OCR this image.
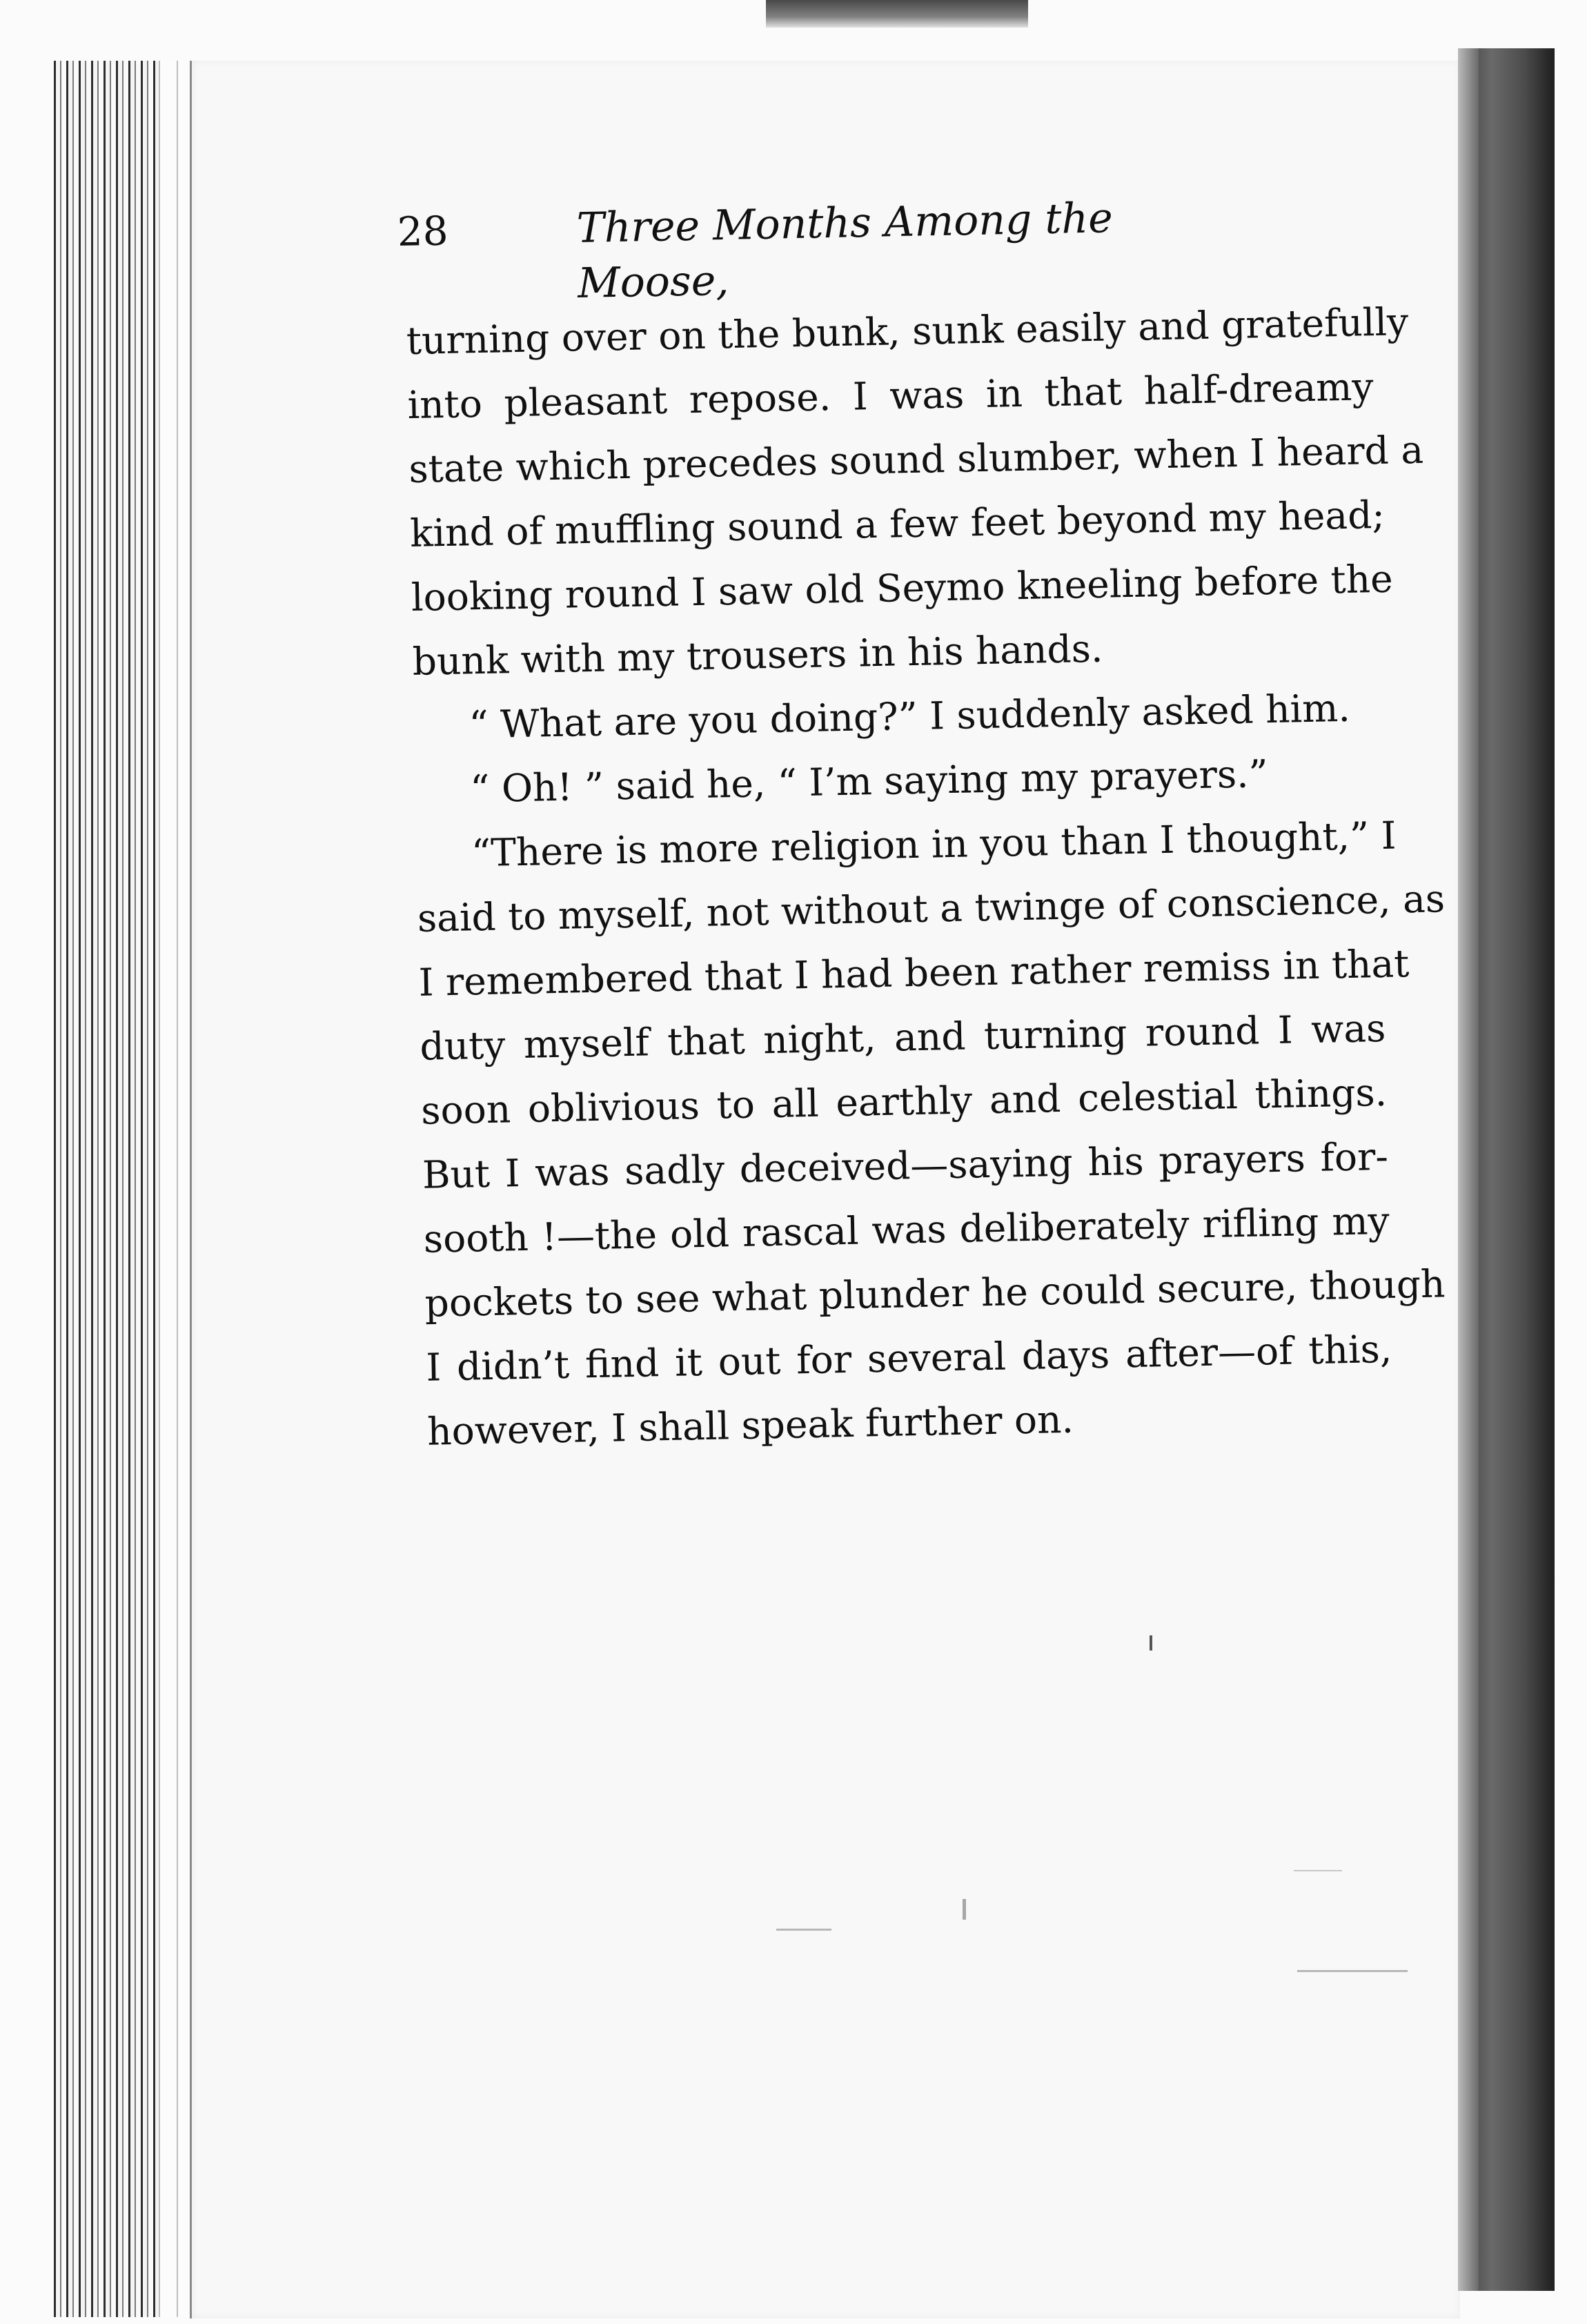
28	Three Months Among the Moose,
turning over on the bunk, sunk easily and gratefully
into pleasant repose. I was in that half-dreamy
state which precedes sound slumber, when I heard a
kind of muffling sound a few feet beyond my head;
looking round I saw old Seymo kneeling before the
bunk with my trousers in his hands.
“ What are you doing?” I suddenly asked him.
“ Oh! ” said he, “ I’m saying my prayers.”
“There is more religion in you than I thought,” I
said to myself, not without a twinge of conscience, as
I remembered that I had been rather remiss in that
duty myself that night, and turning round I was
soon oblivious to all earthly and celestial things.
But I was sadly deceived—saying his prayers for-
sooth !—the old rascal was deliberately rifling my
pockets to see what plunder he could secure, though
I didn’t find it out for several days after—of this,
however, I shall speak further on.
